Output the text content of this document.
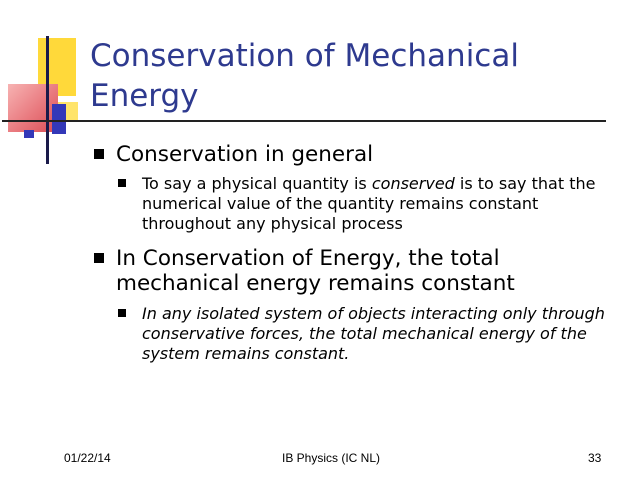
Conservation of Mechanical Energy
Conservation in general
To say a physical quantity is conserved is to say that the numerical value of the quantity remains constant throughout any physical process
In Conservation of Energy, the total mechanical energy remains constant
In any isolated system of objects interacting only through conservative forces, the total mechanical energy of the system remains constant.
01/22/14	IB Physics (IC NL)	33
